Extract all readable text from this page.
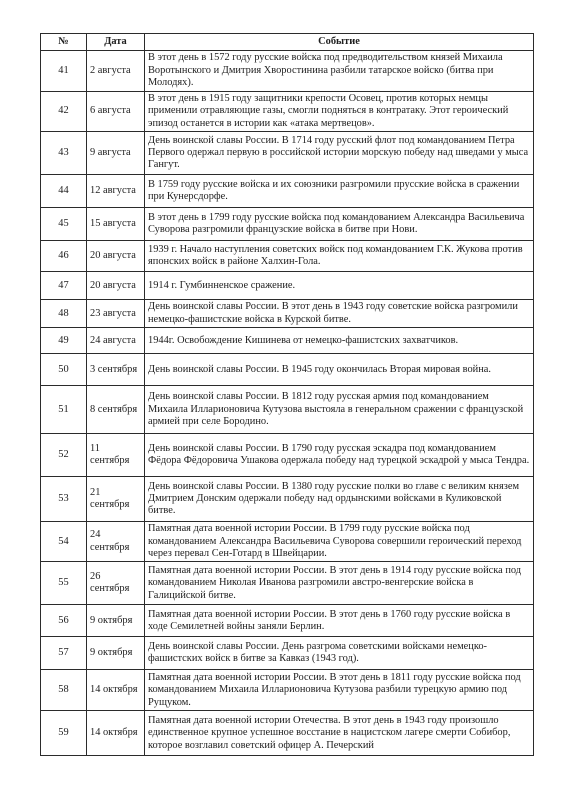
№	Дата	Событие
41	2 августа	В этот день в 1572 году русские войска под предводительством князей Михаила Воротынского и Дмитрия Хворостинина разбили татарское войско (битва при Молодях).
42	6 августа	В этот день в 1915 году защитники крепости Осовец, против которых немцы применили отравляющие газы, смогли подняться в контратаку. Этот героический эпизод останется в истории как «атака мертвецов».
43	9 августа	День воинской славы России. В 1714 году русский флот под командованием Петра Первого одержал первую в российской истории морскую победу над шведами у мыса Гангут.
44	12 августа	В 1759 году русские войска и их союзники разгромили прусские войска в сражении при Кунерсдорфе.
45	15 августа	В этот день в 1799 году русские войска под командованием Александра Васильевича Суворова разгромили французские войска в битве при Нови.
46	20 августа	1939 г. Начало наступления советских войск под командованием Г.К. Жукова против японских войск в районе Халхин-Гола.
47	20 августа	1914 г. Гумбинненское сражение.
48	23 августа	День воинской славы России. В этот день в 1943 году советские войска разгромили немецко-фашистские войска в Курской битве.
49	24 августа	1944г. Освобождение Кишинева от немецко-фашистских захватчиков.
50	3 сентября	День воинской славы России. В 1945 году окончилась Вторая мировая война.
51	8 сентября	День воинской славы России. В 1812 году русская армия под командованием Михаила Илларионовича Кутузова выстояла в генеральном сражении с французской армией при селе Бородино.
52	11 сентября	День воинской славы России. В 1790 году русская эскадра под командованием Фёдора Фёдоровича Ушакова одержала победу над турецкой эскадрой у мыса Тендра.
53	21 сентября	День воинской славы России. В 1380 году русские полки во главе с великим князем Дмитрием Донским одержали победу над ордынскими войсками в Куликовской битве.
54	24 сентября	Памятная дата военной истории России. В 1799 году русские войска под командованием Александра Васильевича Суворова совершили героический переход через перевал Сен-Готард в Швейцарии.
55	26 сентября	Памятная дата военной истории России. В этот день в 1914 году русские войска под командованием Николая Иванова разгромили австро-венгерские войска в Галицийской битве.
56	9 октября	Памятная дата военной истории России. В этот день в 1760 году русские войска в ходе Семилетней войны заняли Берлин.
57	9 октября	День воинской славы России. День разгрома советскими войсками немецко-фашистских войск в битве за Кавказ (1943 год).
58	14 октября	Памятная дата военной истории России. В этот день в 1811 году русские войска под командованием Михаила Илларионовича Кутузова разбили турецкую армию под Рущуком.
59	14 октября	Памятная дата военной истории Отечества. В этот день в 1943 году произошло единственное крупное успешное восстание в нацистском лагере смерти Собибор, которое возглавил советский офицер А. Печерский
